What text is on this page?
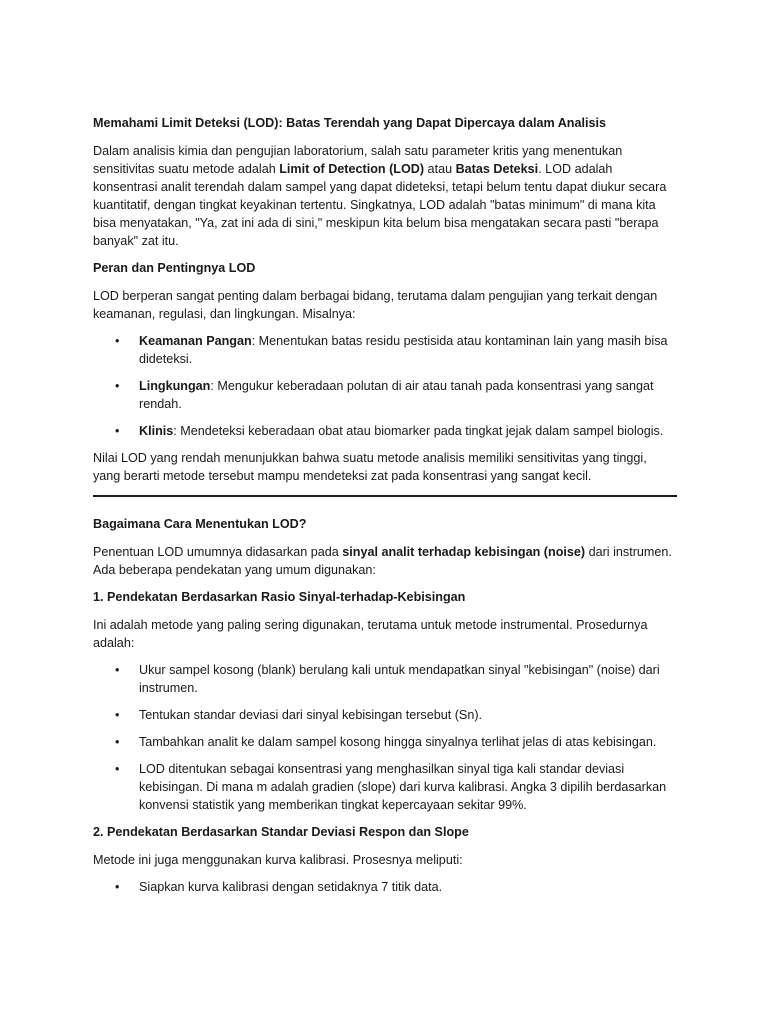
Memahami Limit Deteksi (LOD): Batas Terendah yang Dapat Dipercaya dalam Analisis

Dalam analisis kimia dan pengujian laboratorium, salah satu parameter kritis yang menentukan sensitivitas suatu metode adalah Limit of Detection (LOD) atau Batas Deteksi. LOD adalah konsentrasi analit terendah dalam sampel yang dapat dideteksi, tetapi belum tentu dapat diukur secara kuantitatif, dengan tingkat keyakinan tertentu. Singkatnya, LOD adalah "batas minimum" di mana kita bisa menyatakan, "Ya, zat ini ada di sini," meskipun kita belum bisa mengatakan secara pasti "berapa banyak" zat itu.

Peran dan Pentingnya LOD

LOD berperan sangat penting dalam berbagai bidang, terutama dalam pengujian yang terkait dengan keamanan, regulasi, dan lingkungan. Misalnya:

• Keamanan Pangan: Menentukan batas residu pestisida atau kontaminan lain yang masih bisa dideteksi.
• Lingkungan: Mengukur keberadaan polutan di air atau tanah pada konsentrasi yang sangat rendah.
• Klinis: Mendeteksi keberadaan obat atau biomarker pada tingkat jejak dalam sampel biologis.

Nilai LOD yang rendah menunjukkan bahwa suatu metode analisis memiliki sensitivitas yang tinggi, yang berarti metode tersebut mampu mendeteksi zat pada konsentrasi yang sangat kecil.

Bagaimana Cara Menentukan LOD?

Penentuan LOD umumnya didasarkan pada sinyal analit terhadap kebisingan (noise) dari instrumen. Ada beberapa pendekatan yang umum digunakan:

1. Pendekatan Berdasarkan Rasio Sinyal-terhadap-Kebisingan

Ini adalah metode yang paling sering digunakan, terutama untuk metode instrumental. Prosedurnya adalah:

• Ukur sampel kosong (blank) berulang kali untuk mendapatkan sinyal "kebisingan" (noise) dari instrumen.
• Tentukan standar deviasi dari sinyal kebisingan tersebut (Sn).
• Tambahkan analit ke dalam sampel kosong hingga sinyalnya terlihat jelas di atas kebisingan.
• LOD ditentukan sebagai konsentrasi yang menghasilkan sinyal tiga kali standar deviasi kebisingan. Di mana m adalah gradien (slope) dari kurva kalibrasi. Angka 3 dipilih berdasarkan konvensi statistik yang memberikan tingkat kepercayaan sekitar 99%.
2. Pendekatan Berdasarkan Standar Deviasi Respon dan Slope

Metode ini juga menggunakan kurva kalibrasi. Prosesnya meliputi:

• Siapkan kurva kalibrasi dengan setidaknya 7 titik data.
